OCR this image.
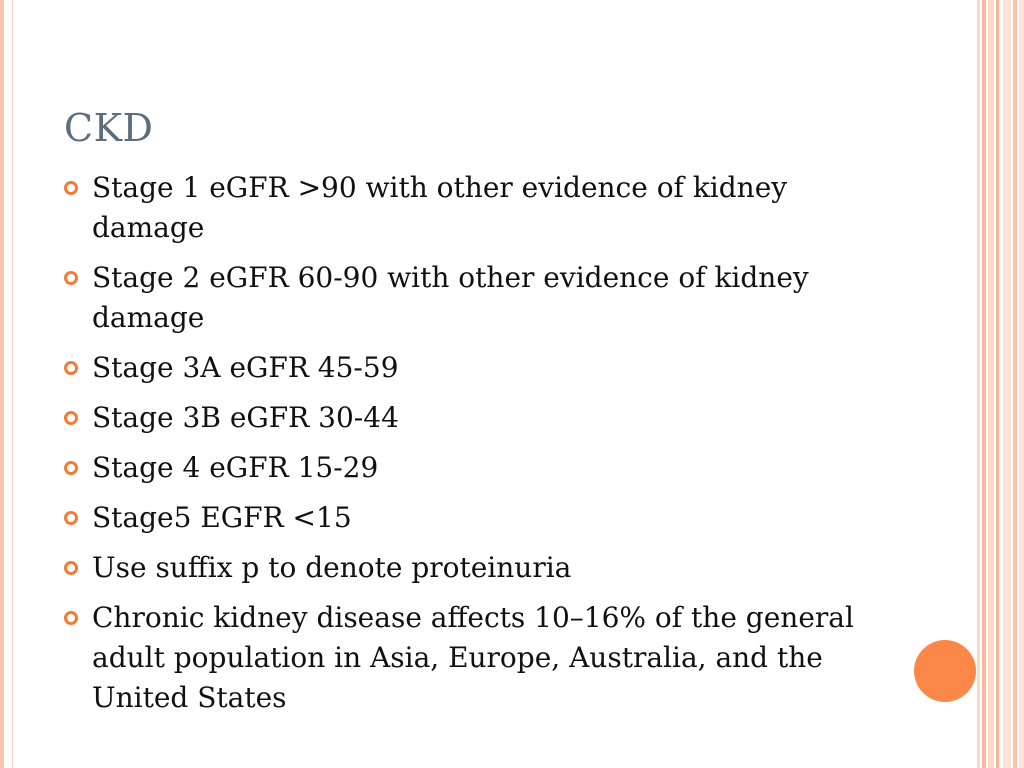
CKD
Stage 1 eGFR >90 with other evidence of kidney damage
Stage 2 eGFR 60-90 with other evidence of kidney damage
Stage 3A eGFR 45-59
Stage 3B eGFR 30-44
Stage 4 eGFR 15-29
Stage5 EGFR <15
Use suffix p to denote proteinuria
Chronic kidney disease affects 10–16% of the general adult population in Asia, Europe, Australia, and the United States
